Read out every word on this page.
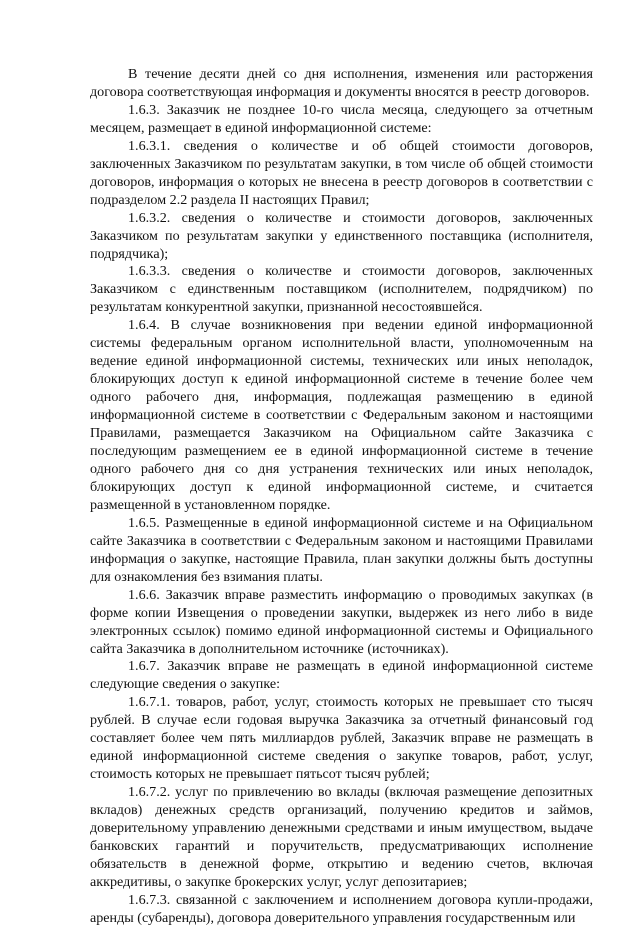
В течение десяти дней со дня исполнения, изменения или расторжения договора соответствующая информация и документы вносятся в реестр договоров.

1.6.3. Заказчик не позднее 10-го числа месяца, следующего за отчетным месяцем, размещает в единой информационной системе:

1.6.3.1. сведения о количестве и об общей стоимости договоров, заключенных Заказчиком по результатам закупки, в том числе об общей стоимости договоров, информация о которых не внесена в реестр договоров в соответствии с подразделом 2.2 раздела II настоящих Правил;

1.6.3.2. сведения о количестве и стоимости договоров, заключенных Заказчиком по результатам закупки у единственного поставщика (исполнителя, подрядчика);

1.6.3.3. сведения о количестве и стоимости договоров, заключенных Заказчиком с единственным поставщиком (исполнителем, подрядчиком) по результатам конкурентной закупки, признанной несостоявшейся.

1.6.4. В случае возникновения при ведении единой информационной системы федеральным органом исполнительной власти, уполномоченным на ведение единой информационной системы, технических или иных неполадок, блокирующих доступ к единой информационной системе в течение более чем одного рабочего дня, информация, подлежащая размещению в единой информационной системе в соответствии с Федеральным законом и настоящими Правилами, размещается Заказчиком на Официальном сайте Заказчика с последующим размещением ее в единой информационной системе в течение одного рабочего дня со дня устранения технических или иных неполадок, блокирующих доступ к единой информационной системе, и считается размещенной в установленном порядке.

1.6.5. Размещенные в единой информационной системе и на Официальном сайте Заказчика в соответствии с Федеральным законом и настоящими Правилами информация о закупке, настоящие Правила, план закупки должны быть доступны для ознакомления без взимания платы.

1.6.6. Заказчик вправе разместить информацию о проводимых закупках (в форме копии Извещения о проведении закупки, выдержек из него либо в виде электронных ссылок) помимо единой информационной системы и Официального сайта Заказчика в дополнительном источнике (источниках).

1.6.7. Заказчик вправе не размещать в единой информационной системе следующие сведения о закупке:

1.6.7.1. товаров, работ, услуг, стоимость которых не превышает сто тысяч рублей. В случае если годовая выручка Заказчика за отчетный финансовый год составляет более чем пять миллиардов рублей, Заказчик вправе не размещать в единой информационной системе сведения о закупке товаров, работ, услуг, стоимость которых не превышает пятьсот тысяч рублей;

1.6.7.2. услуг по привлечению во вклады (включая размещение депозитных вкладов) денежных средств организаций, получению кредитов и займов, доверительному управлению денежными средствами и иным имуществом, выдаче банковских гарантий и поручительств, предусматривающих исполнение обязательств в денежной форме, открытию и ведению счетов, включая аккредитивы, о закупке брокерских услуг, услуг депозитариев;

1.6.7.3. связанной с заключением и исполнением договора купли-продажи, аренды (субаренды), договора доверительного управления государственным или
